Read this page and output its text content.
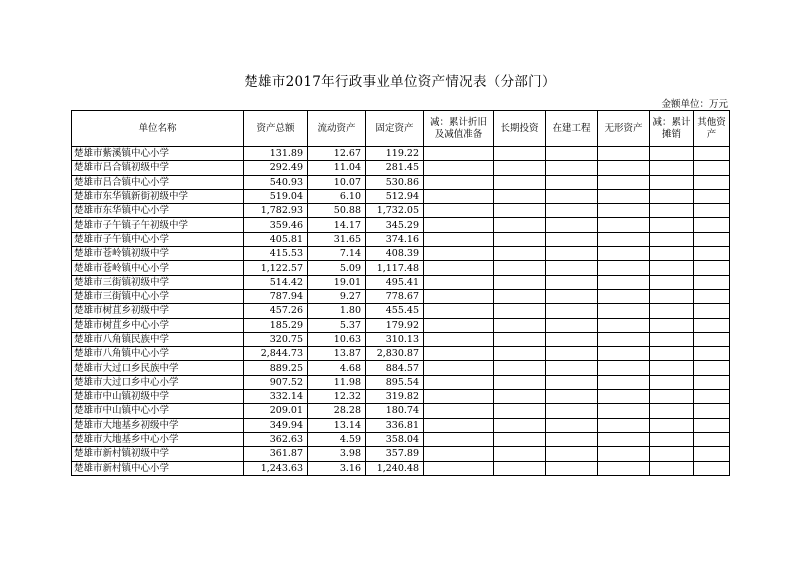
楚雄市2017年行政事业单位资产情况表（分部门）
金额单位：万元
单位名称	资产总额	流动资产	固定资产	减：累计折旧及减值准备	长期投资	在建工程	无形资产	减：累计摊销	其他资产
楚雄市紫溪镇中心小学	131.89	12.67	119.22						
楚雄市吕合镇初级中学	292.49	11.04	281.45						
楚雄市吕合镇中心小学	540.93	10.07	530.86						
楚雄市东华镇新街初级中学	519.04	6.10	512.94						
楚雄市东华镇中心小学	1,782.93	50.88	1,732.05						
楚雄市子午镇子午初级中学	359.46	14.17	345.29						
楚雄市子午镇中心小学	405.81	31.65	374.16						
楚雄市苍岭镇初级中学	415.53	7.14	408.39						
楚雄市苍岭镇中心小学	1,122.57	5.09	1,117.48						
楚雄市三街镇初级中学	514.42	19.01	495.41						
楚雄市三街镇中心小学	787.94	9.27	778.67						
楚雄市树苴乡初级中学	457.26	1.80	455.45						
楚雄市树苴乡中心小学	185.29	5.37	179.92						
楚雄市八角镇民族中学	320.75	10.63	310.13						
楚雄市八角镇中心小学	2,844.73	13.87	2,830.87						
楚雄市大过口乡民族中学	889.25	4.68	884.57						
楚雄市大过口乡中心小学	907.52	11.98	895.54						
楚雄市中山镇初级中学	332.14	12.32	319.82						
楚雄市中山镇中心小学	209.01	28.28	180.74						
楚雄市大地基乡初级中学	349.94	13.14	336.81						
楚雄市大地基乡中心小学	362.63	4.59	358.04						
楚雄市新村镇初级中学	361.87	3.98	357.89						
楚雄市新村镇中心小学	1,243.63	3.16	1,240.48						
